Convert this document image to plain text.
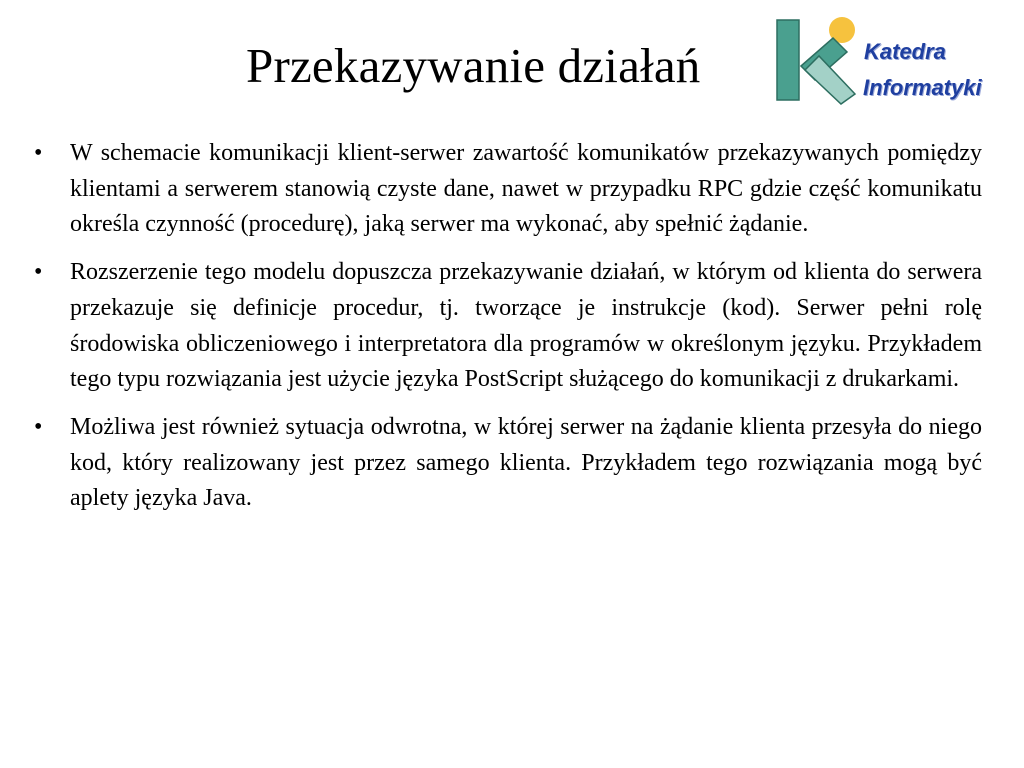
Przekazywanie działań	Katedra
Informatyki
•	W schemacie komunikacji klient-serwer zawartość komunikatów przekazywanych pomiędzy klientami a serwerem stanowią czyste dane, nawet w przypadku RPC gdzie część komunikatu określa czynność (procedurę), jaką serwer ma wykonać, aby spełnić żądanie.
•	Rozszerzenie tego modelu dopuszcza przekazywanie działań, w którym od klienta do serwera przekazuje się definicje procedur, tj. tworzące je instrukcje (kod). Serwer pełni rolę środowiska obliczeniowego i interpretatora dla programów w określonym języku. Przykładem tego typu rozwiązania jest użycie języka PostScript służącego do komunikacji z drukarkami.
•	Możliwa jest również sytuacja odwrotna, w której serwer na żądanie klienta przesyła do niego kod, który realizowany jest przez samego klienta. Przykładem tego rozwiązania mogą być aplety języka Java.
